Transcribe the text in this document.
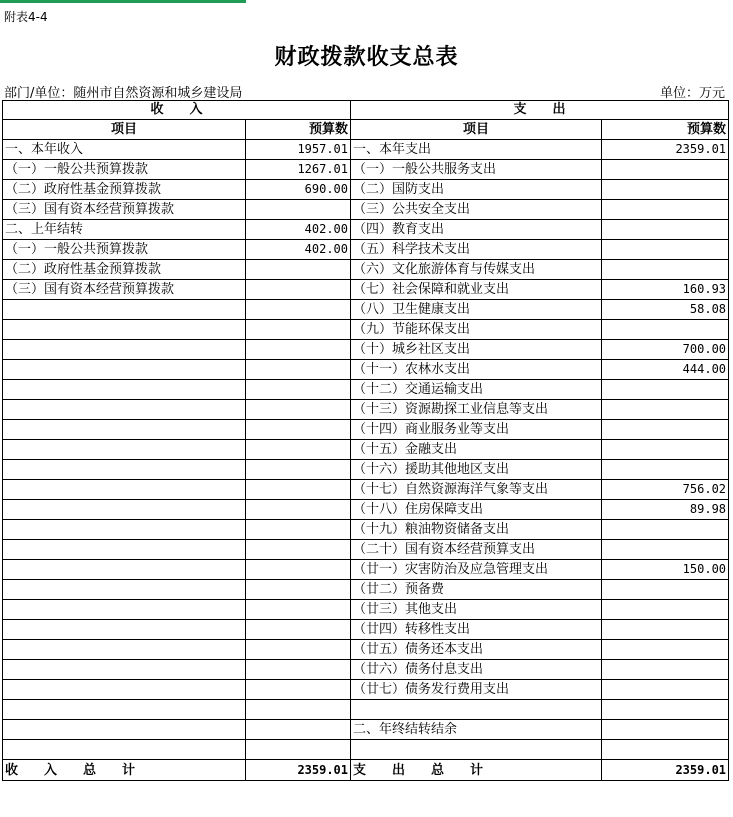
附表4-4
财政拨款收支总表
部门/单位：随州市自然资源和城乡建设局	单位：万元
收　　入		支　　出	
项目	预算数	项目	预算数
一、本年收入	1957.01	一、本年支出	2359.01
（一）一般公共预算拨款	1267.01	（一）一般公共服务支出	
（二）政府性基金预算拨款	690.00	（二）国防支出	
（三）国有资本经营预算拨款		（三）公共安全支出	
二、上年结转	402.00	（四）教育支出	
（一）一般公共预算拨款	402.00	（五）科学技术支出	
（二）政府性基金预算拨款		（六）文化旅游体育与传媒支出	
（三）国有资本经营预算拨款		（七）社会保障和就业支出	160.93
		（八）卫生健康支出	58.08
		（九）节能环保支出	
		（十）城乡社区支出	700.00
		（十一）农林水支出	444.00
		（十二）交通运输支出	
		（十三）资源勘探工业信息等支出	
		（十四）商业服务业等支出	
		（十五）金融支出	
		（十六）援助其他地区支出	
		（十七）自然资源海洋气象等支出	756.02
		（十八）住房保障支出	89.98
		（十九）粮油物资储备支出	
		（二十）国有资本经营预算支出	
		（廿一）灾害防治及应急管理支出	150.00
		（廿二）预备费	
		（廿三）其他支出	
		（廿四）转移性支出	
		（廿五）债务还本支出	
		（廿六）债务付息支出	
		（廿七）债务发行费用支出	

		二、年终结转结余	

收　　入　　总　　计	2359.01	支　　出　　总　　计	2359.01
